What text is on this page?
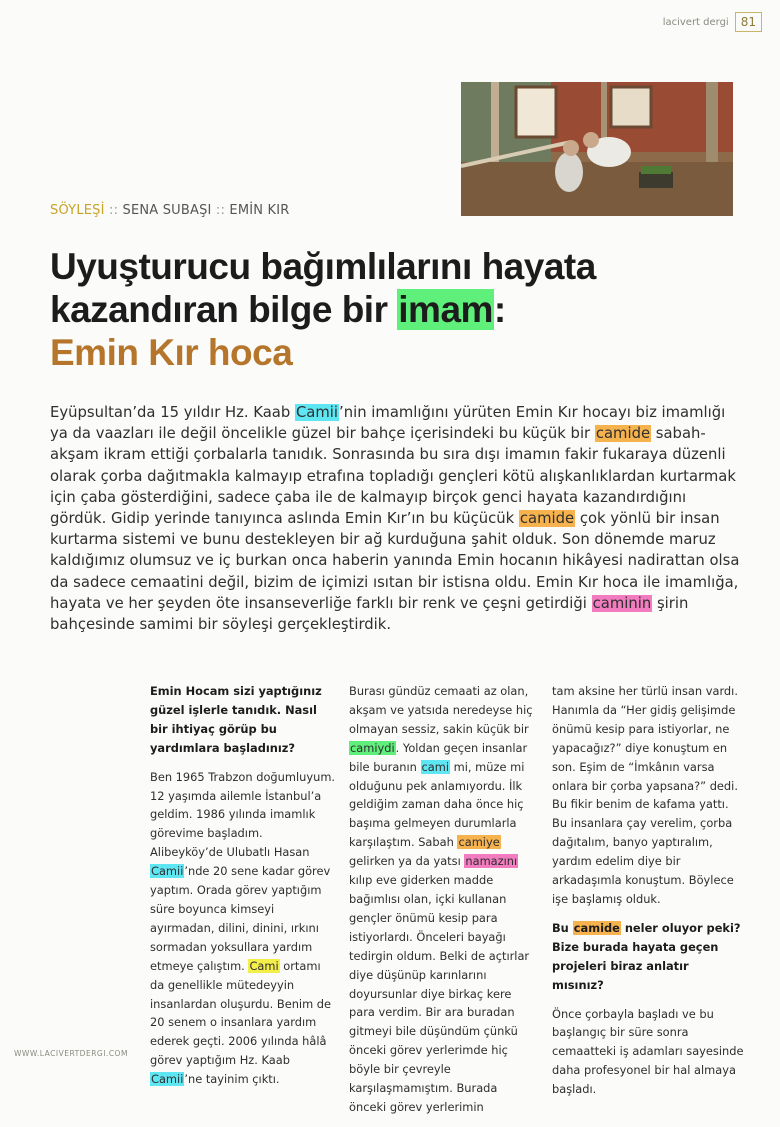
lacivert dergi	81
SÖYLEŞİ :: SENA SUBAŞI :: EMİN KIR
Uyuşturucu bağımlılarını hayata
kazandıran bilge bir imam:
Emin Kır hoca

Eyüpsultan’da 15 yıldır Hz. Kaab Camii’nin imamlığını yürüten Emin Kır hocayı biz imamlığı ya da vaazları ile değil öncelikle güzel bir bahçe içerisindeki bu küçük bir camide sabah-akşam ikram ettiği çorbalarla tanıdık. Sonrasında bu sıra dışı imamın fakir fukaraya düzenli olarak çorba dağıtmakla kalmayıp etrafına topladığı gençleri kötü alışkanlıklardan kurtarmak için çaba gösterdiğini, sadece çaba ile de kalmayıp birçok genci hayata kazandırdığını gördük. Gidip yerinde tanıyınca aslında Emin Kır’ın bu küçücük camide çok yönlü bir insan kurtarma sistemi ve bunu destekleyen bir ağ kurduğuna şahit olduk. Son dönemde maruz kaldığımız olumsuz ve iç burkan onca haberin yanında Emin hocanın hikâyesi nadirattan olsa da sadece cemaatini değil, bizim de içimizi ısıtan bir istisna oldu. Emin Kır hoca ile imamlığa, hayata ve her şeyden öte insanseverliğe farklı bir renk ve çeşni getirdiği caminin şirin bahçesinde samimi bir söyleşi gerçekleştirdik.

Emin Hocam sizi yaptığınız güzel işlerle tanıdık. Nasıl bir ihtiyaç görüp bu yardımlara başladınız?

Ben 1965 Trabzon doğumluyum. 12 yaşımda ailemle İstanbul’a geldim. 1986 yılında imamlık görevime başladım. Alibeyköy’de Ulubatlı Hasan Camii’nde 20 sene kadar görev yaptım. Orada görev yaptığım süre boyunca kimseyi ayırmadan, dilini, dinini, ırkını sormadan yoksullara yardım etmeye çalıştım. Cami ortamı da genellikle mütedeyyin insanlardan oluşurdu. Benim de 20 senem o insanlara yardım ederek geçti. 2006 yılında hâlâ görev yaptığım Hz. Kaab Camii’ne tayinim çıktı.

Burası gündüz cemaati az olan, akşam ve yatsıda neredeyse hiç olmayan sessiz, sakin küçük bir camiydi. Yoldan geçen insanlar bile buranın cami mi, müze mi olduğunu pek anlamıyordu. İlk geldiğim zaman daha önce hiç başıma gelmeyen durumlarla karşılaştım. Sabah camiye gelirken ya da yatsı namazını kılıp eve giderken madde bağımlısı olan, içki kullanan gençler önümü kesip para istiyorlardı. Önceleri bayağı tedirgin oldum. Belki de açtırlar diye düşünüp karınlarını doyursunlar diye birkaç kere para verdim. Bir ara buradan gitmeyi bile düşündüm çünkü önceki görev yerlerimde hiç böyle bir çevreyle karşılaşmamıştım. Burada önceki görev yerlerimin

tam aksine her türlü insan vardı. Hanımla da “Her gidiş gelişimde önümü kesip para istiyorlar, ne yapacağız?” diye konuştum en son. Eşim de “İmkânın varsa onlara bir çorba yapsana?” dedi. Bu fikir benim de kafama yattı. Bu insanlara çay verelim, çorba dağıtalım, banyo yaptıralım, yardım edelim diye bir arkadaşımla konuştum. Böylece işe başlamış olduk.

Bu camide neler oluyor peki? Bize burada hayata geçen projeleri biraz anlatır mısınız?

Önce çorbayla başladı ve bu başlangıç bir süre sonra cemaatteki iş adamları sayesinde daha profesyonel bir hal almaya başladı.

WWW.LACIVERTDERGI.COM
